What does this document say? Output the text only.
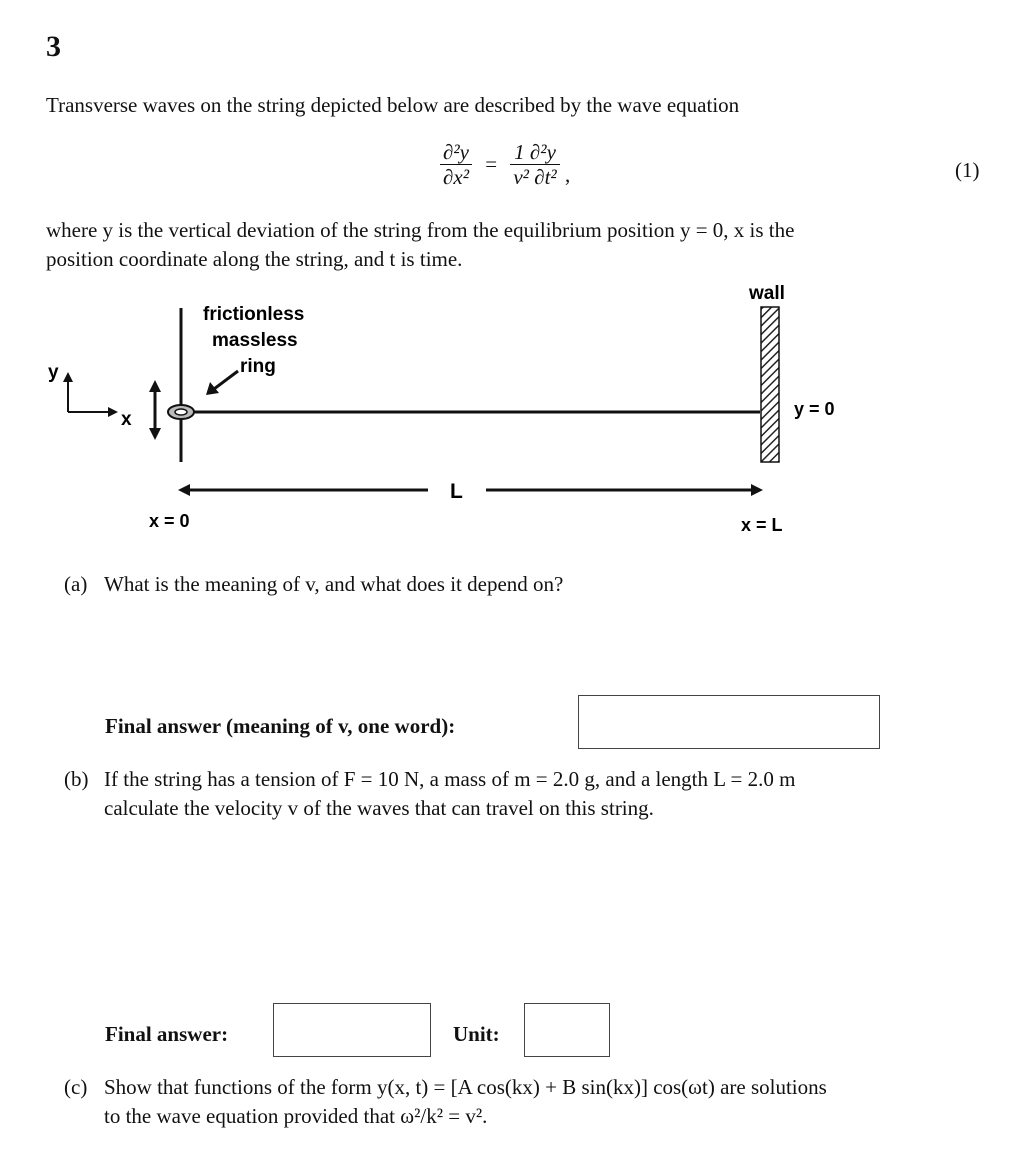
3
Transverse waves on the string depicted below are described by the wave equation
$\frac{\text{∂²y}}{\text{∂x²}} = \frac{\text{1 ∂²y}}{\text{v² ∂t²}}$ ,	(1)
where y is the vertical deviation of the string from the equilibrium position y = 0, x is the
position coordinate along the string, and t is time.
y
x
frictionless
massless
ring
wall
y = 0
L
x = 0	x = L
(a) What is the meaning of v, and what does it depend on?
Final answer (meaning of v, one word):
(b) If the string has a tension of F = 10 N, a mass of m = 2.0 g, and a length L = 2.0 m
calculate the velocity v of the waves that can travel on this string.
Final answer:	Unit:
(c) Show that functions of the form y(x, t) = [A cos(kx) + B sin(kx)] cos(ωt) are solutions
to the wave equation provided that ω²/k² = v².
